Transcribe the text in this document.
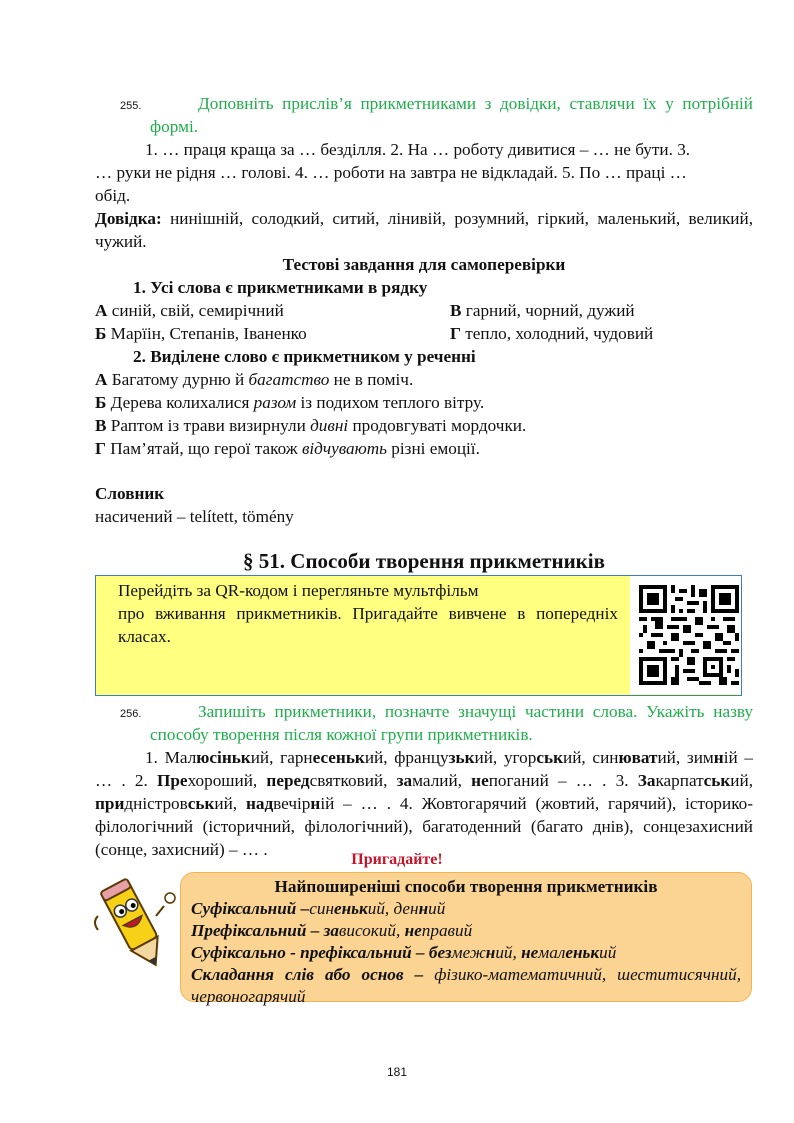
255.	Доповніть прислів’я прикметниками з довідки, ставлячи їх у потрібній формі.

1. … праця краща за … безділля. 2. На … роботу дивитися – … не бути. 3.

… руки не рідня … голові. 4. … роботи на завтра не відкладай. 5. По … праці …

обід.

Довідка: нинішній, солодкий, ситий, лінивій, розумний, гіркий, маленький, великий, чужий.

Тестові завдання для самоперевірки

1. Усі слова є прикметниками в рядку

А синій, свій, семирічний	В гарний, чорний, дужий
Б Марїін, Степанів, Іваненко	Г тепло, холодний, чудовий

2. Виділене слово є прикметником у реченні

А Багатому дурню й багатство не в поміч.

Б Дерева колихалися разом із подихом теплого вітру.

В Раптом із трави визирнули дивні продовгуваті мордочки.

Г Пам’ятай, що герої також відчувають різні емоції.

Словник

насичений – telített, tömény

§ 51. Способи творення прикметників

Перейдіть за QR-кодом і перегляньте мультфільм

про вживання прикметників. Пригадайте вивчене в попередніх класах.

256.	Запишіть прикметники, позначте значущі частини слова. Укажіть назву способу творення після кожної групи прикметників.

1. Малюсінький, гарнесенький, французький, угорський, синюватий, зимній – … . 2. Прехороший, передсвятковий, замалий, непоганий – … . 3. Закарпатський, придністровський, надвечірній – … . 4. Жовтогарячий (жовтий, гарячий), історико-філологічний (історичний, філологічний), багатоденний (багато днів), сонцезахисний (сонце, захисний) – … .

Пригадайте!

Найпоширеніші способи творення прикметників

Суфіксальний –синенький, денний

Префіксальний – зависокий, неправий

Суфіксально - префіксальний – безмежний, немаленький

Складання слів або основ – фізико-математичний, шеститисячний, червоногарячий

181
